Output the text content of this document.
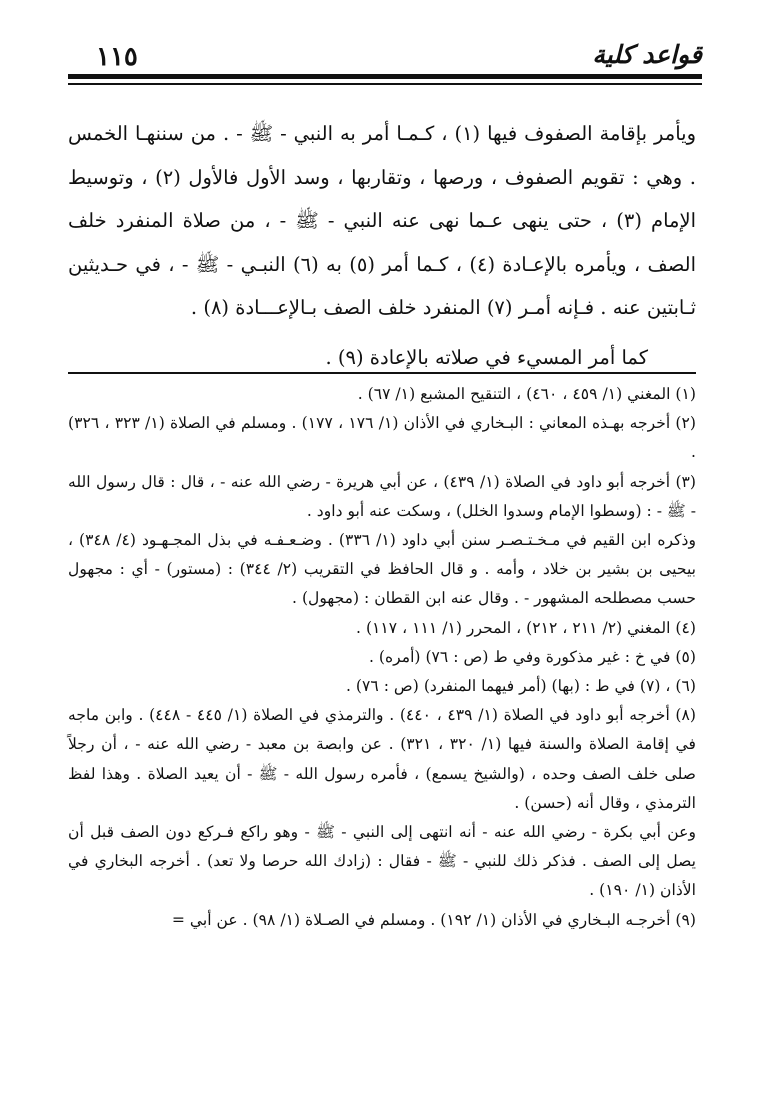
١١٥	قواعد كلية

ويأمر بإقامة الصفوف فيها (١) ، كـمـا أمر به النبي - ﷺ - . من سننهـا الخمس . وهي : تقويم الصفوف ، ورصها ، وتقاربها ، وسد الأول فالأول (٢) ، وتوسيط الإمام (٣) ، حتى ينهى عـما نهى عنه النبي - ﷺ - ، من صلاة المنفرد خلف الصف ، ويأمره بالإعـادة (٤) ، كـما أمر (٥) به (٦) النبـي - ﷺ - ، في حـديثين ثـابتين عنه . فـإنه أمـر (٧) المنفرد خلف الصف بـالإعـــادة (٨) .

كما أمر المسيء في صلاته بالإعادة (٩) .

(١) المغني (١/ ٤٥٩ ، ٤٦٠) ، التنقيح المشبع (١/ ٦٧) .

(٢) أخرجه بهـذه المعاني : البـخاري في الأذان (١/ ١٧٦ ، ١٧٧) . ومسلم في الصلاة (١/ ٣٢٣ ، ٣٢٦) .

(٣) أخرجه أبو داود في الصلاة (١/ ٤٣٩) ، عن أبي هريرة - رضي الله عنه - ، قال : قال رسول الله - ﷺ - : (وسطوا الإمام وسدوا الخلل) ، وسكت عنه أبو داود .

وذكره ابن القيم في مـخـتـصـر سنن أبي داود (١/ ٣٣٦) . وضـعـفـه في بذل المجـهـود (٤/ ٣٤٨) ، بيحيى بن بشير بن خلاد ، وأمه . و قال الحافظ في التقريب (٢/ ٣٤٤) : (مستور) - أي : مجهول حسب مصطلحه المشهور - . وقال عنه ابن القطان : (مجهول) .

(٤) المغني (٢/ ٢١١ ، ٢١٢) ، المحرر (١/ ١١١ ، ١١٧) .

(٥) في خ : غير مذكورة وفي ط (ص : ٧٦) (أمره) .

(٦) ، (٧) في ط : (بها) (أمر فيهما المنفرد) (ص : ٧٦) .

(٨) أخرجه أبو داود في الصلاة (١/ ٤٣٩ ، ٤٤٠) . والترمذي في الصلاة (١/ ٤٤٥ - ٤٤٨) . وابن ماجه في إقامة الصلاة والسنة فيها (١/ ٣٢٠ ، ٣٢١) . عن وابصة بن معبد - رضي الله عنه - ، أن رجلاً صلى خلف الصف وحده ، (والشيخ يسمع) ، فأمره رسول الله - ﷺ - أن يعيد الصلاة . وهذا لفظ الترمذي ، وقال أنه (حسن) .

وعن أبي بكرة - رضي الله عنه - أنه انتهى إلى النبي - ﷺ - وهو راكع فـركع دون الصف قبل أن يصل إلى الصف . فذكر ذلك للنبي - ﷺ - فقال : (زادك الله حرصا ولا تعد) . أخرجه البخاري في الأذان (١/ ١٩٠) .

(٩) أخرجـه البـخاري في الأذان (١/ ١٩٢) . ومسلم في الصـلاة (١/ ٩٨) . عن أبي =
